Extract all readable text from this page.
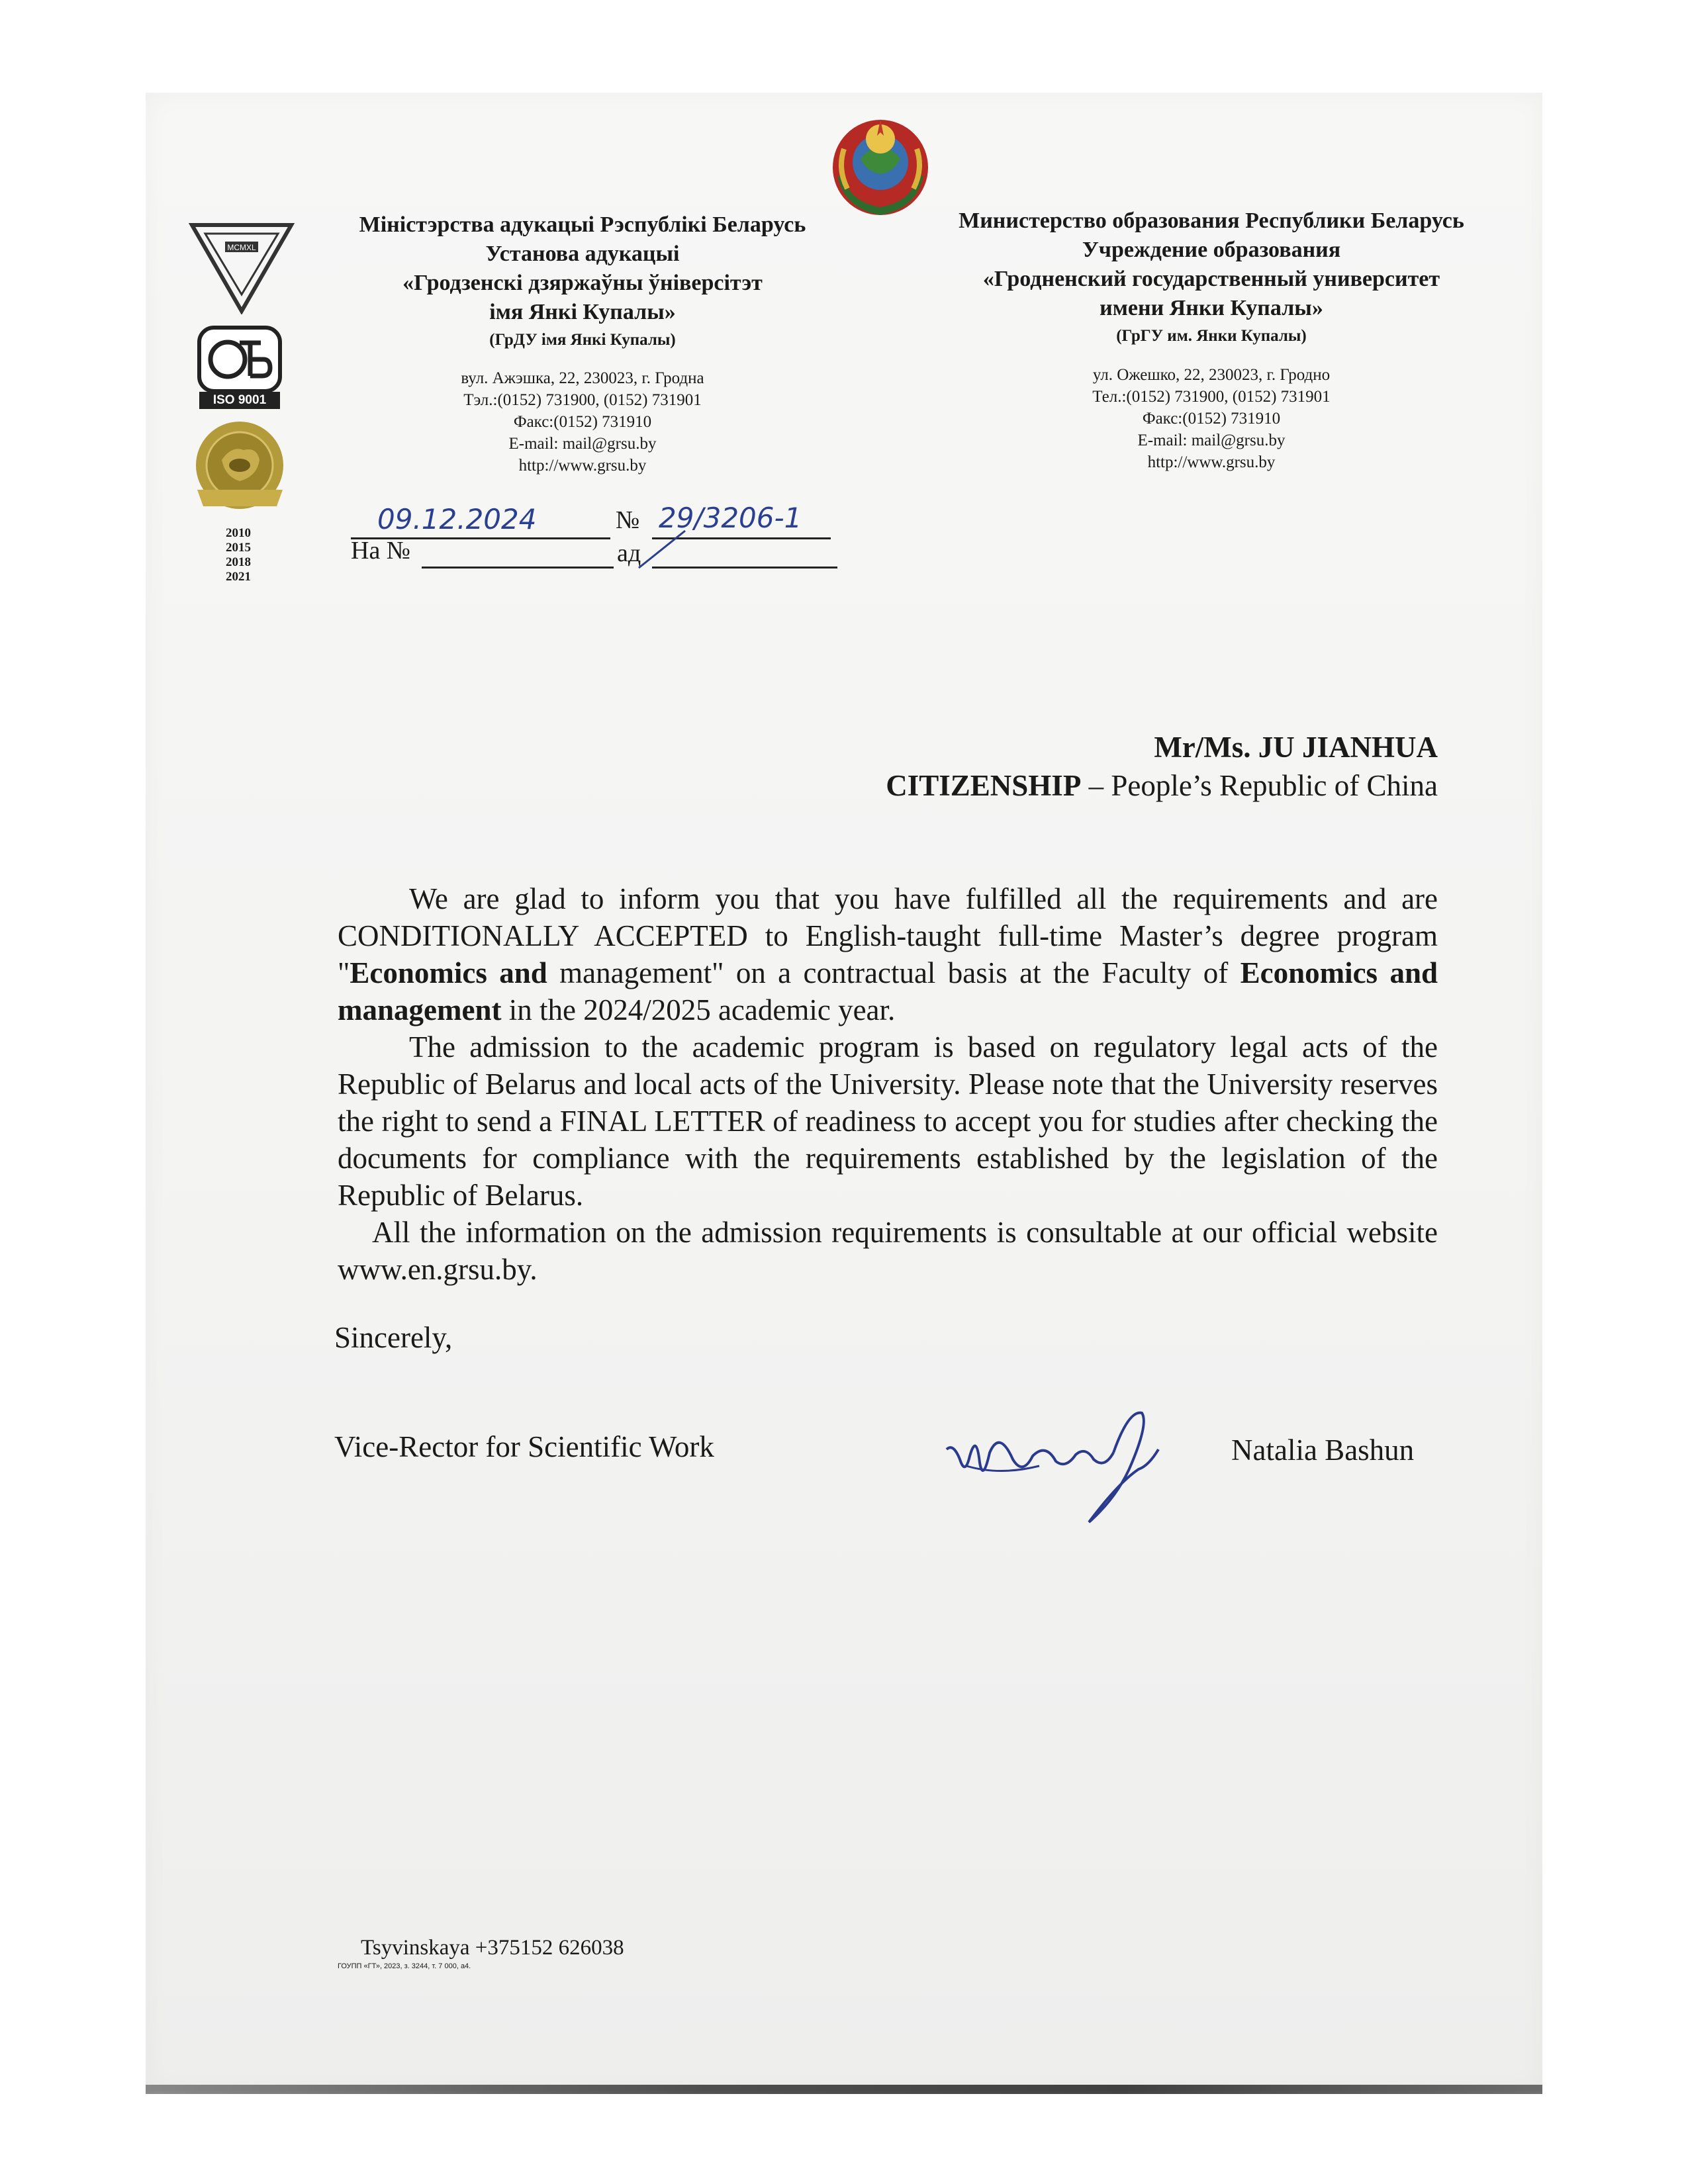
MCMXL
ISO 9001
2010
2015
2018
2021
Міністэрства адукацыі Рэспублікі Беларусь
Установа адукацыі
«Гродзенскі дзяржаўны ўніверсітэт
імя Янкі Купалы»
(ГрДУ імя Янкі Купалы)
вул. Ажэшка, 22, 230023, г. Гродна
Тэл.:(0152) 731900, (0152) 731901
Факс:(0152) 731910
E-mail: mail@grsu.by
http://www.grsu.by
Министерство образования Республики Беларусь
Учреждение образования
«Гродненский государственный университет
имени Янки Купалы»
(ГрГУ им. Янки Купалы)
ул. Ожешко, 22, 230023, г. Гродно
Тел.:(0152) 731900, (0152) 731901
Факс:(0152) 731910
E-mail: mail@grsu.by
http://www.grsu.by
09.12.2024	№ 29/3206-1
На №	ад
Mr/Ms. JU JIANHUA
CITIZENSHIP – People’s Republic of China

We are glad to inform you that you have fulfilled all the requirements and are CONDITIONALLY ACCEPTED to English-taught full-time Master’s degree program "Economics and management" on a contractual basis at the Faculty of Economics and management in the 2024/2025 academic year.

The admission to the academic program is based on regulatory legal acts of the Republic of Belarus and local acts of the University. Please note that the University reserves the right to send a FINAL LETTER of readiness to accept you for studies after checking the documents for compliance with the requirements established by the legislation of the Republic of Belarus.

All the information on the admission requirements is consultable at our official website www.en.grsu.by.

Sincerely,
Vice-Rector for Scientific Work	Natalia Bashun
Tsyvinskaya +375152 626038
ГОУПП «ГТ», 2023, з. 3244, т. 7 000, а4.
